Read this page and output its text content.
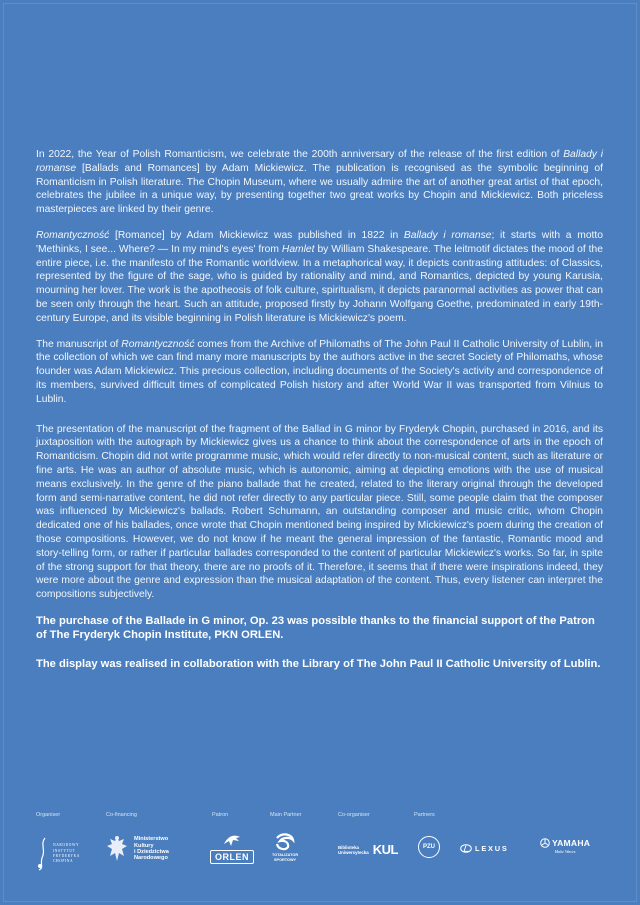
In 2022, the Year of Polish Romanticism, we celebrate the 200th anniversary of the release of the first edition of Ballady i romanse [Ballads and Romances] by Adam Mickiewicz. The publication is recognised as the symbolic beginning of Romanticism in Polish literature. The Chopin Museum, where we usually admire the art of another great artist of that epoch, celebrates the jubilee in a unique way, by presenting together two great works by Chopin and Mickiewicz. Both priceless masterpieces are linked by their genre.

Romantyczność [Romance] by Adam Mickiewicz was published in 1822 in Ballady i romanse; it starts with a motto 'Methinks, I see... Where? — In my mind's eyes' from Hamlet by William Shakespeare. The leitmotif dictates the mood of the entire piece, i.e. the manifesto of the Romantic worldview. In a metaphorical way, it depicts contrasting attitudes: of Classics, represented by the figure of the sage, who is guided by rationality and mind, and Romantics, depicted by young Karusia, mourning her lover. The work is the apotheosis of folk culture, spiritualism, it depicts paranormal activities as power that can be seen only through the heart. Such an attitude, proposed firstly by Johann Wolfgang Goethe, predominated in early 19th-century Europe, and its visible beginning in Polish literature is Mickiewicz's poem.

The manuscript of Romantyczność comes from the Archive of Philomaths of The John Paul II Catholic University of Lublin, in the collection of which we can find many more manuscripts by the authors active in the secret Society of Philomaths, whose founder was Adam Mickiewicz. This precious collection, including documents of the Society's activity and correspondence of its members, survived difficult times of complicated Polish history and after World War II was transported from Vilnius to Lublin.

The presentation of the manuscript of the fragment of the Ballad in G minor by Fryderyk Chopin, purchased in 2016, and its juxtaposition with the autograph by Mickiewicz gives us a chance to think about the correspondence of arts in the epoch of Romanticism. Chopin did not write programme music, which would refer directly to non-musical content, such as literature or fine arts. He was an author of absolute music, which is autonomic, aiming at depicting emotions with the use of musical means exclusively. In the genre of the piano ballade that he created, related to the literary original through the developed form and semi-narrative content, he did not refer directly to any particular piece. Still, some people claim that the composer was influenced by Mickiewicz's ballads. Robert Schumann, an outstanding composer and music critic, whom Chopin dedicated one of his ballades, once wrote that Chopin mentioned being inspired by Mickiewicz's poem during the creation of those compositions. However, we do not know if he meant the general impression of the fantastic, Romantic mood and story-telling form, or rather if particular ballades corresponded to the content of particular Mickiewicz's works. So far, in spite of the strong support for that theory, there are no proofs of it. Therefore, it seems that if there were inspirations indeed, they were more about the genre and expression than the musical adaptation of the content. Thus, every listener can interpret the compositions subjectively.

The purchase of the Ballade in G minor, Op. 23 was possible thanks to the financial support of the Patron of The Fryderyk Chopin Institute, PKN ORLEN.

The display was realised in collaboration with the Library of The John Paul II Catholic University of Lublin.

Organiser	Co-financing	Patron	Main Partner	Co-organiser	Partners
NARODOWY
INSTYTUT
FRYDERYKA
CHOPINA
Ministerstwo
Kultury
i Dziedzictwa
Narodowego	ORLEN	TOTALIZATOR
SPORTOWY
Biblioteka
Uniwersytecka KUL	PZU	LEXUS
YAMAHA
Make Waves
